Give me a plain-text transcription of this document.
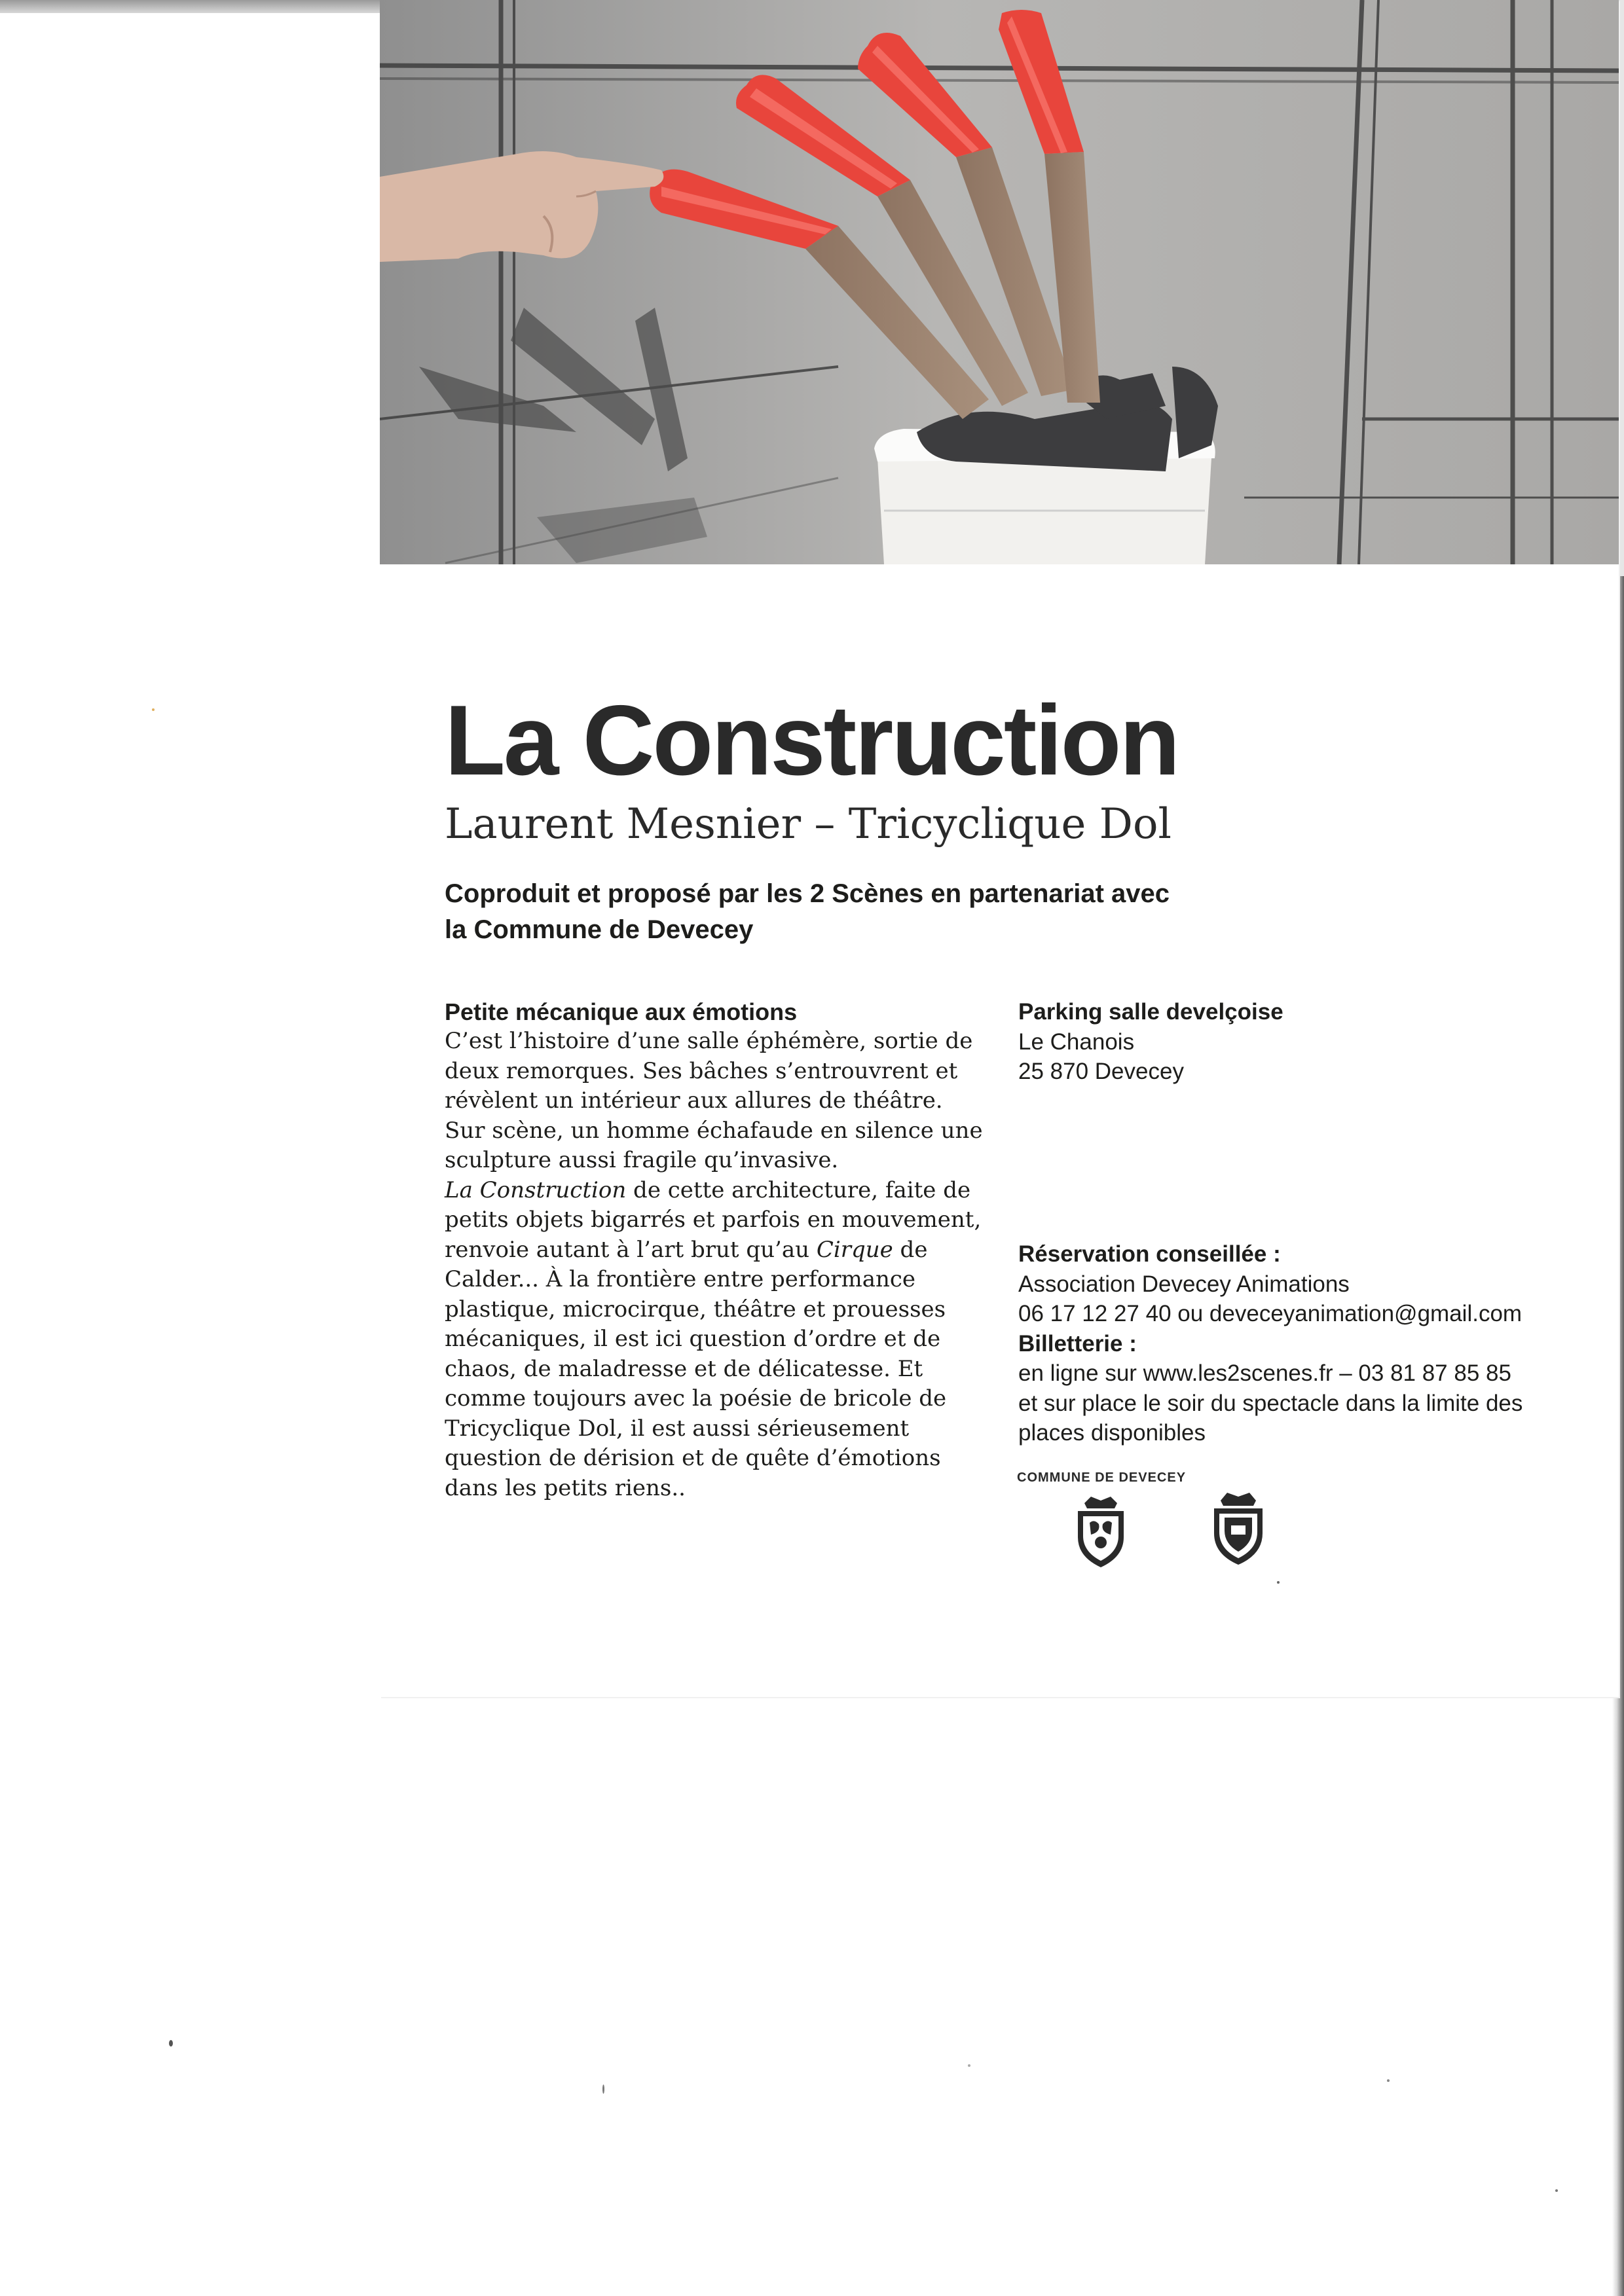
La Construction
Laurent Mesnier – Tricyclique Dol

Coproduit et proposé par les 2 Scènes en partenariat avec
la Commune de Devecey

Petite mécanique aux émotions
C’est l’histoire d’une salle éphémère, sortie de
deux remorques. Ses bâches s’entrouvrent et
révèlent un intérieur aux allures de théâtre.
Sur scène, un homme échafaude en silence une
sculpture aussi fragile qu’invasive.
La Construction de cette architecture, faite de
petits objets bigarrés et parfois en mouvement,
renvoie autant à l’art brut qu’au Cirque de
Calder... À la frontière entre performance
plastique, microcirque, théâtre et prouesses
mécaniques, il est ici question d’ordre et de
chaos, de maladresse et de délicatesse. Et
comme toujours avec la poésie de bricole de
Tricyclique Dol, il est aussi sérieusement
question de dérision et de quête d’émotions
dans les petits riens..
Parking salle develçoise
Le Chanois
25 870 Devecey
Réservation conseillée :
Association Devecey Animations
06 17 12 27 40 ou deveceyanimation@gmail.com
Billetterie :
en ligne sur www.les2scenes.fr – 03 81 87 85 85
et sur place le soir du spectacle dans la limite des
places disponibles
COMMUNE DE DEVECEY
